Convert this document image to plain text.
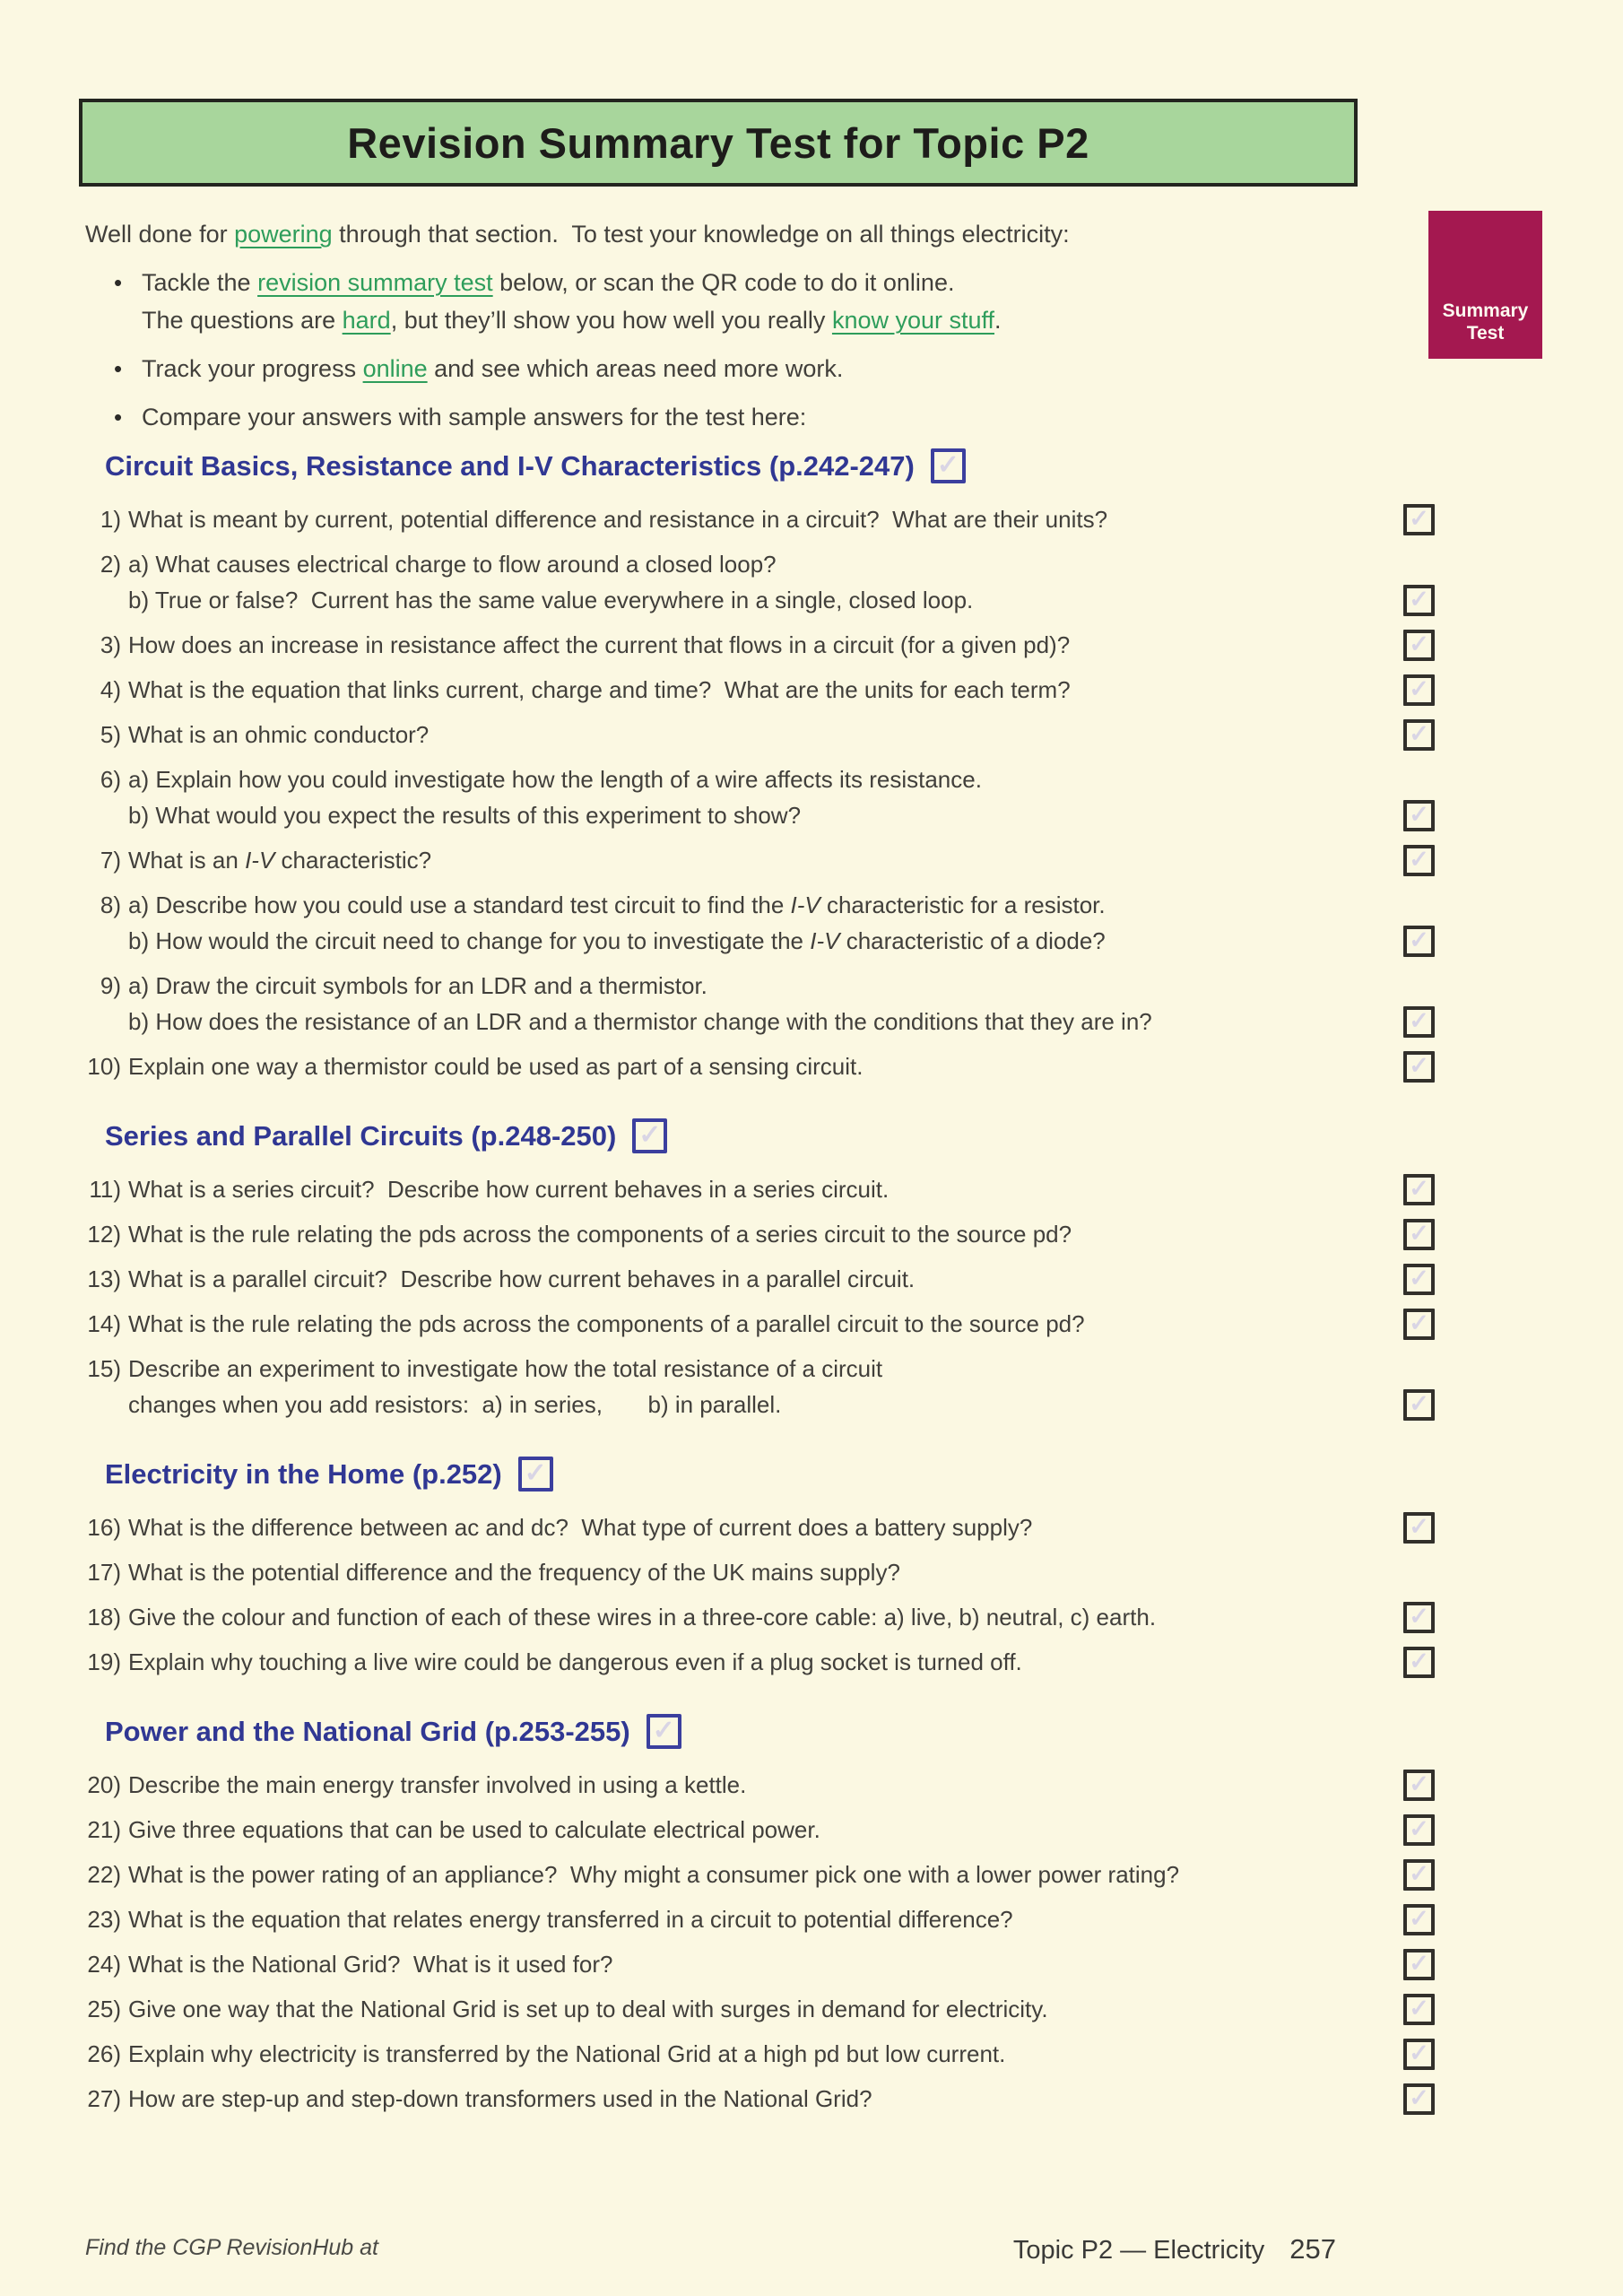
Revision Summary Test for Topic P2
Summary
Test
Well done for powering through that section.  To test your knowledge on all things electricity:
• Tackle the revision summary test below, or scan the QR code to do it online.
The questions are hard, but they’ll show you how well you really know your stuff.
• Track your progress online and see which areas need more work.
• Compare your answers with sample answers for the test here:
Circuit Basics, Resistance and I-V Characteristics (p.242-247) ✓
1) What is meant by current, potential difference and resistance in a circuit?  What are their units?	✓
2) a) What causes electrical charge to flow around a closed loop?
b) True or false?  Current has the same value everywhere in a single, closed loop.	✓
3) How does an increase in resistance affect the current that flows in a circuit (for a given pd)?	✓
4) What is the equation that links current, charge and time?  What are the units for each term?	✓
5) What is an ohmic conductor?	✓
6) a) Explain how you could investigate how the length of a wire affects its resistance.
b) What would you expect the results of this experiment to show?	✓
7) What is an I-V characteristic?	✓
8) a) Describe how you could use a standard test circuit to find the I-V characteristic for a resistor.
b) How would the circuit need to change for you to investigate the I-V characteristic of a diode?	✓
9) a) Draw the circuit symbols for an LDR and a thermistor.
b) How does the resistance of an LDR and a thermistor change with the conditions that they are in?	✓
10) Explain one way a thermistor could be used as part of a sensing circuit.	✓
Series and Parallel Circuits (p.248-250) ✓
11) What is a series circuit?  Describe how current behaves in a series circuit.	✓
12) What is the rule relating the pds across the components of a series circuit to the source pd?	✓
13) What is a parallel circuit?  Describe how current behaves in a parallel circuit.	✓
14) What is the rule relating the pds across the components of a parallel circuit to the source pd?	✓
15) Describe an experiment to investigate how the total resistance of a circuit
changes when you add resistors:  a) in series,       b) in parallel.	✓
Electricity in the Home (p.252) ✓
16) What is the difference between ac and dc?  What type of current does a battery supply?	✓
17) What is the potential difference and the frequency of the UK mains supply?
18) Give the colour and function of each of these wires in a three-core cable: a) live, b) neutral, c) earth.	✓
19) Explain why touching a live wire could be dangerous even if a plug socket is turned off.	✓
Power and the National Grid (p.253-255) ✓
20) Describe the main energy transfer involved in using a kettle.	✓
21) Give three equations that can be used to calculate electrical power.	✓
22) What is the power rating of an appliance?  Why might a consumer pick one with a lower power rating?	✓
23) What is the equation that relates energy transferred in a circuit to potential difference?	✓
24) What is the National Grid?  What is it used for?	✓
25) Give one way that the National Grid is set up to deal with surges in demand for electricity.	✓
26) Explain why electricity is transferred by the National Grid at a high pd but low current.	✓
27) How are step-up and step-down transformers used in the National Grid?	✓
Find the CGP RevisionHub at	Topic P2 — Electricity 257
